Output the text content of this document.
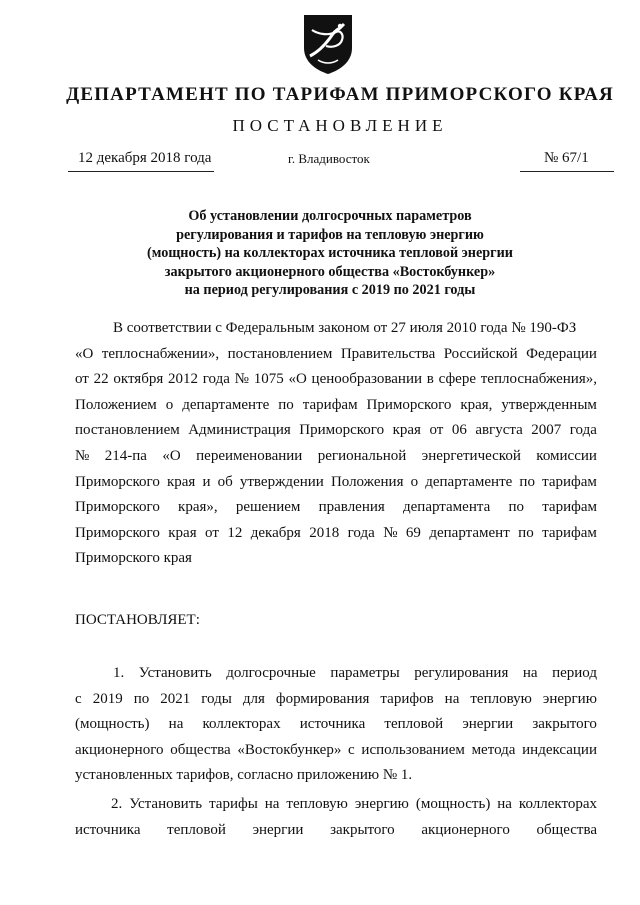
ДЕПАРТАМЕНТ ПО ТАРИФАМ ПРИМОРСКОГО КРАЯ
ПОСТАНОВЛЕНИЕ
12 декабря 2018 года	г. Владивосток	№ 67/1
Об установлении долгосрочных параметров
регулирования и тарифов на тепловую энергию
(мощность) на коллекторах источника тепловой энергии
закрытого акционерного общества «Востокбункер»
на период регулирования с 2019 по 2021 годы
В соответствии с Федеральным законом от 27 июля 2010 года № 190-ФЗ
«О теплоснабжении», постановлением Правительства Российской Федерации
от 22 октября 2012 года № 1075 «О ценообразовании в сфере теплоснабжения»,
Положением о департаменте по тарифам Приморского края, утвержденным
постановлением Администрация Приморского края от 06 августа 2007 года
№ 214-па «О переименовании региональной энергетической комиссии
Приморского края и об утверждении Положения о департаменте по тарифам
Приморского края», решением правления департамента по тарифам
Приморского края от 12 декабря 2018 года № 69 департамент по тарифам
Приморского края
ПОСТАНОВЛЯЕТ:
1. Установить долгосрочные параметры регулирования на период
с 2019 по 2021 годы для формирования тарифов на тепловую энергию
(мощность) на коллекторах источника тепловой энергии закрытого
акционерного общества «Востокбункер» с использованием метода индексации
установленных тарифов, согласно приложению № 1.
2. Установить тарифы на тепловую энергию (мощность) на коллекторах
источника тепловой энергии закрытого акционерного общества
